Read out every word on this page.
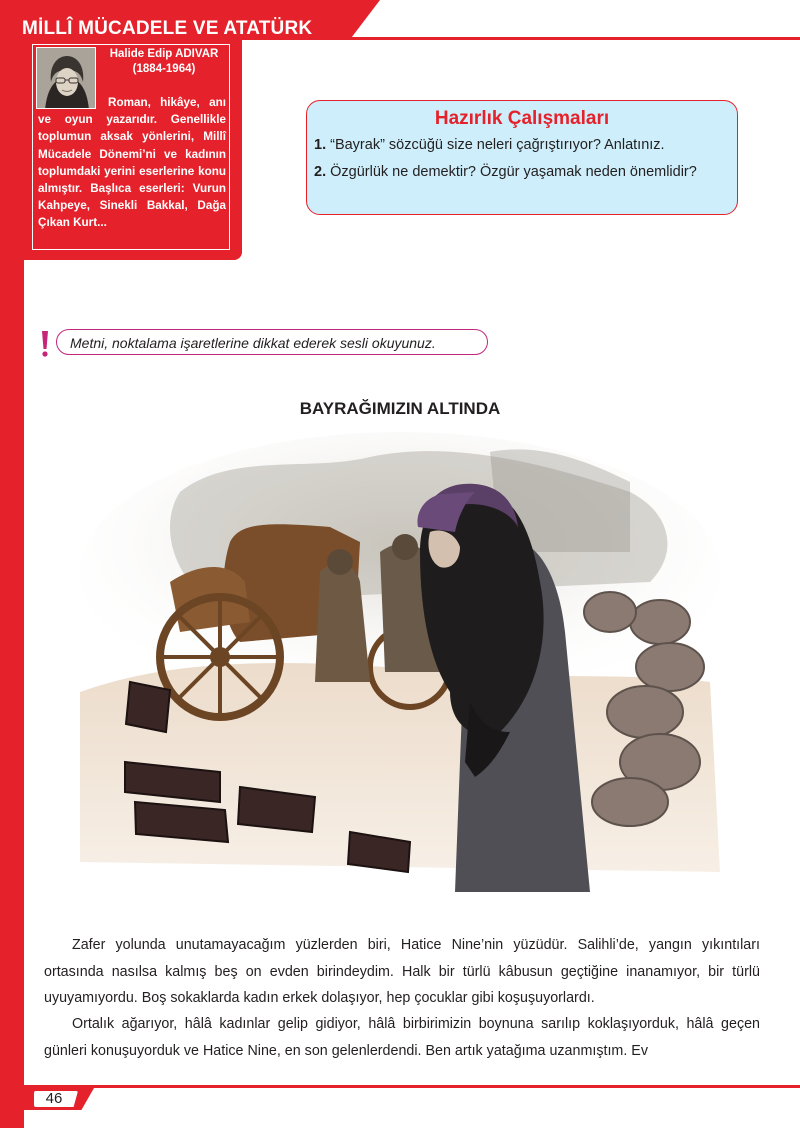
MİLLÎ MÜCADELE VE ATATÜRK
Halide Edip ADIVAR
(1884-1964)
Roman, hikâye, anı ve oyun yazarıdır. Genellikle toplumun aksak yönlerini, Millî Mücadele Dönemi’ni ve kadının toplumdaki yerini eserlerine konu almıştır. Başlıca eserleri: Vurun Kahpeye, Sinekli Bakkal, Dağa Çıkan Kurt...
Hazırlık Çalışmaları
1. “Bayrak” sözcüğü size neleri çağrıştırıyor? Anlatınız.
2. Özgürlük ne demektir? Özgür yaşamak neden önemlidir?
Metni, noktalama işaretlerine dikkat ederek sesli okuyunuz.
BAYRAĞIMIZIN ALTINDA

Zafer yolunda unutamayacağım yüzlerden biri, Hatice Nine’nin yüzüdür. Salihli’de, yangın yıkıntıları ortasında nasılsa kalmış beş on evden birindeydim. Halk bir türlü kâbusun geçtiğine inanamıyor, bir türlü uyuyamıyordu. Boş sokaklarda kadın erkek dolaşıyor, hep çocuklar gibi koşuşuyorlardı.

Ortalık ağarıyor, hâlâ kadınlar gelip gidiyor, hâlâ birbirimizin boynuna sarılıp koklaşıyorduk, hâlâ geçen günleri konuşuyorduk ve Hatice Nine, en son gelenlerdendi. Ben artık yatağıma uzanmıştım. Ev

46
